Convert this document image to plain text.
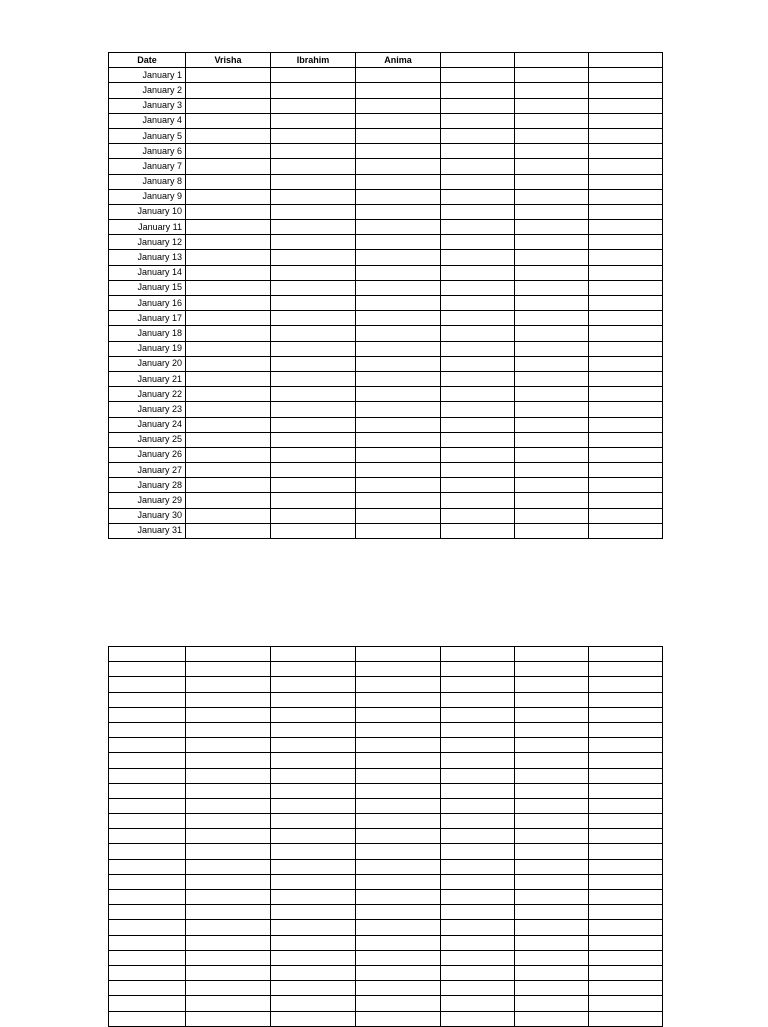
Date	Vrisha	Ibrahim	Anima			
January 1						
January 2						
January 3						
January 4						
January 5						
January 6						
January 7						
January 8						
January 9						
January 10						
January 11						
January 12						
January 13						
January 14						
January 15						
January 16						
January 17						
January 18						
January 19						
January 20						
January 21						
January 22						
January 23						
January 24						
January 25						
January 26						
January 27						
January 28						
January 29						
January 30						
January 31						
